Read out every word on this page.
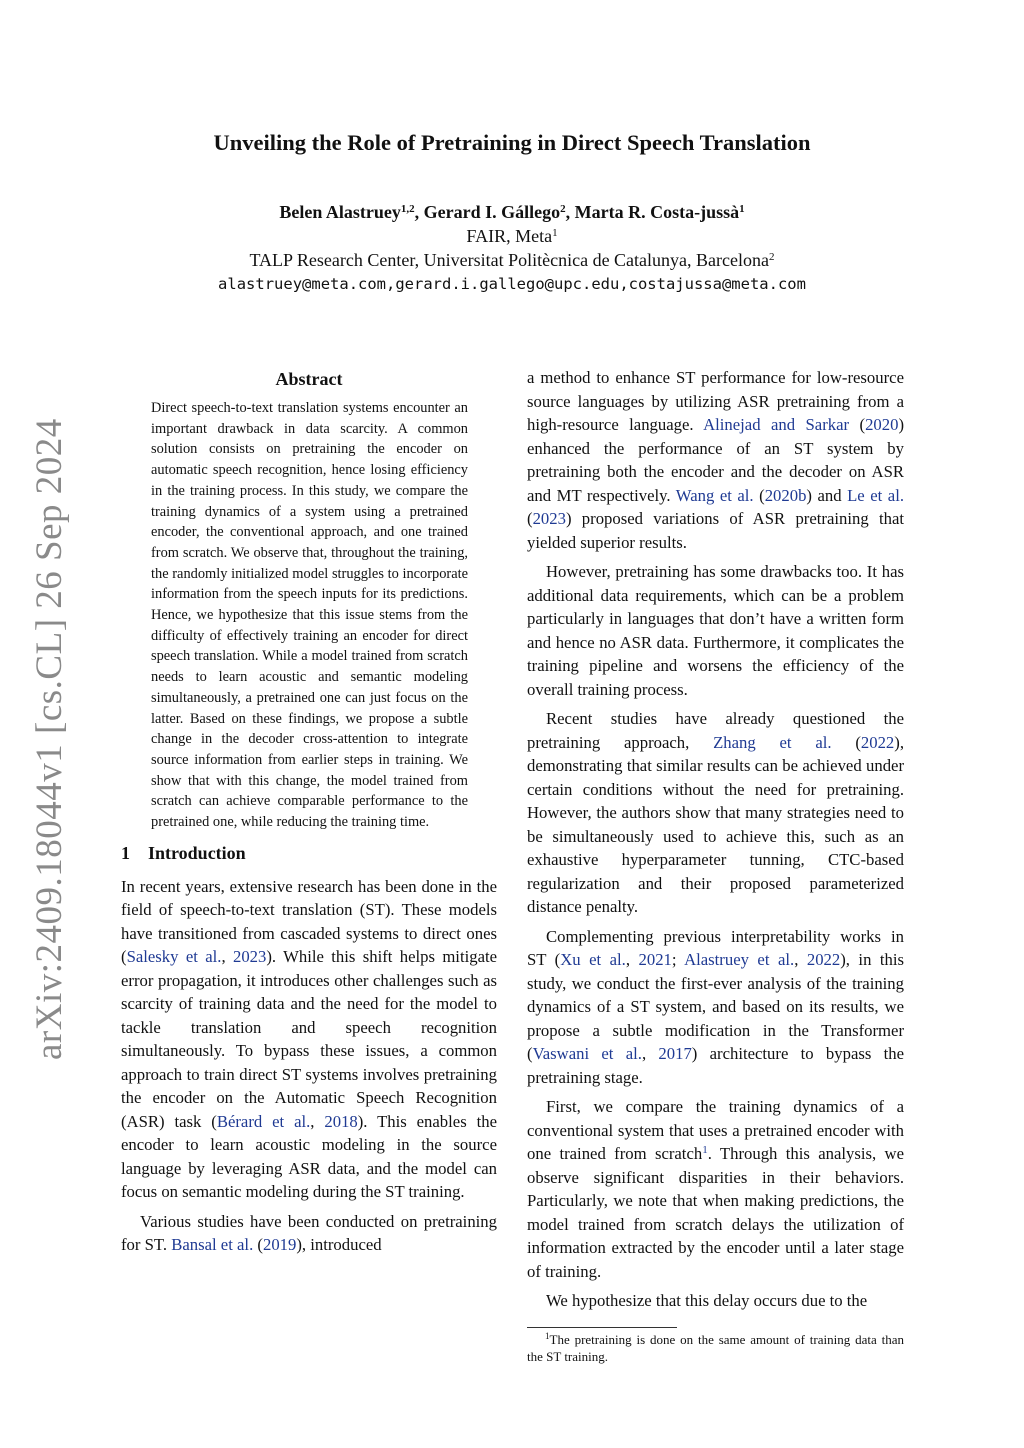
arXiv:2409.18044v1 [cs.CL] 26 Sep 2024
Unveiling the Role of Pretraining in Direct Speech Translation
Belen Alastruey$^{1,2}$, Gerard I. Gállego$^2$, Marta R. Costa-jussà$^1$
FAIR, Meta$^1$
TALP Research Center, Universitat Politècnica de Catalunya, Barcelona$^2$
alastruey@meta.com,gerard.i.gallego@upc.edu,costajussa@meta.com
Abstract
Direct speech-to-text translation systems encounter an important drawback in data scarcity. A common solution consists on pretraining the encoder on automatic speech recognition, hence losing efficiency in the training process. In this study, we compare the training dynamics of a system using a pretrained encoder, the conventional approach, and one trained from scratch. We observe that, throughout the training, the randomly initialized model struggles to incorporate information from the speech inputs for its predictions. Hence, we hypothesize that this issue stems from the difficulty of effectively training an encoder for direct speech translation. While a model trained from scratch needs to learn acoustic and semantic modeling simultaneously, a pretrained one can just focus on the latter. Based on these findings, we propose a subtle change in the decoder cross-attention to integrate source information from earlier steps in training. We show that with this change, the model trained from scratch can achieve comparable performance to the pretrained one, while reducing the training time.
1 Introduction

In recent years, extensive research has been done in the field of speech-to-text translation (ST). These models have transitioned from cascaded systems to direct ones (Salesky et al., 2023). While this shift helps mitigate error propagation, it introduces other challenges such as scarcity of training data and the need for the model to tackle translation and speech recognition simultaneously. To bypass these issues, a common approach to train direct ST systems involves pretraining the encoder on the Automatic Speech Recognition (ASR) task (Bérard et al., 2018). This enables the encoder to learn acoustic modeling in the source language by leveraging ASR data, and the model can focus on semantic modeling during the ST training.

Various studies have been conducted on pretraining for ST. Bansal et al. (2019), introduced

a method to enhance ST performance for low-resource source languages by utilizing ASR pretraining from a high-resource language. Alinejad and Sarkar (2020) enhanced the performance of an ST system by pretraining both the encoder and the decoder on ASR and MT respectively. Wang et al. (2020b) and Le et al. (2023) proposed variations of ASR pretraining that yielded superior results.

However, pretraining has some drawbacks too. It has additional data requirements, which can be a problem particularly in languages that don’t have a written form and hence no ASR data. Furthermore, it complicates the training pipeline and worsens the efficiency of the overall training process.

Recent studies have already questioned the pretraining approach, Zhang et al. (2022), demonstrating that similar results can be achieved under certain conditions without the need for pretraining. However, the authors show that many strategies need to be simultaneously used to achieve this, such as an exhaustive hyperparameter tunning, CTC-based regularization and their proposed parameterized distance penalty.

Complementing previous interpretability works in ST (Xu et al., 2021; Alastruey et al., 2022), in this study, we conduct the first-ever analysis of the training dynamics of a ST system, and based on its results, we propose a subtle modification in the Transformer (Vaswani et al., 2017) architecture to bypass the pretraining stage.

First, we compare the training dynamics of a conventional system that uses a pretrained encoder with one trained from scratch$^1$. Through this analysis, we observe significant disparities in their behaviors. Particularly, we note that when making predictions, the model trained from scratch delays the utilization of information extracted by the encoder until a later stage of training.

We hypothesize that this delay occurs due to the

$^1$The pretraining is done on the same amount of training data than the ST training.
